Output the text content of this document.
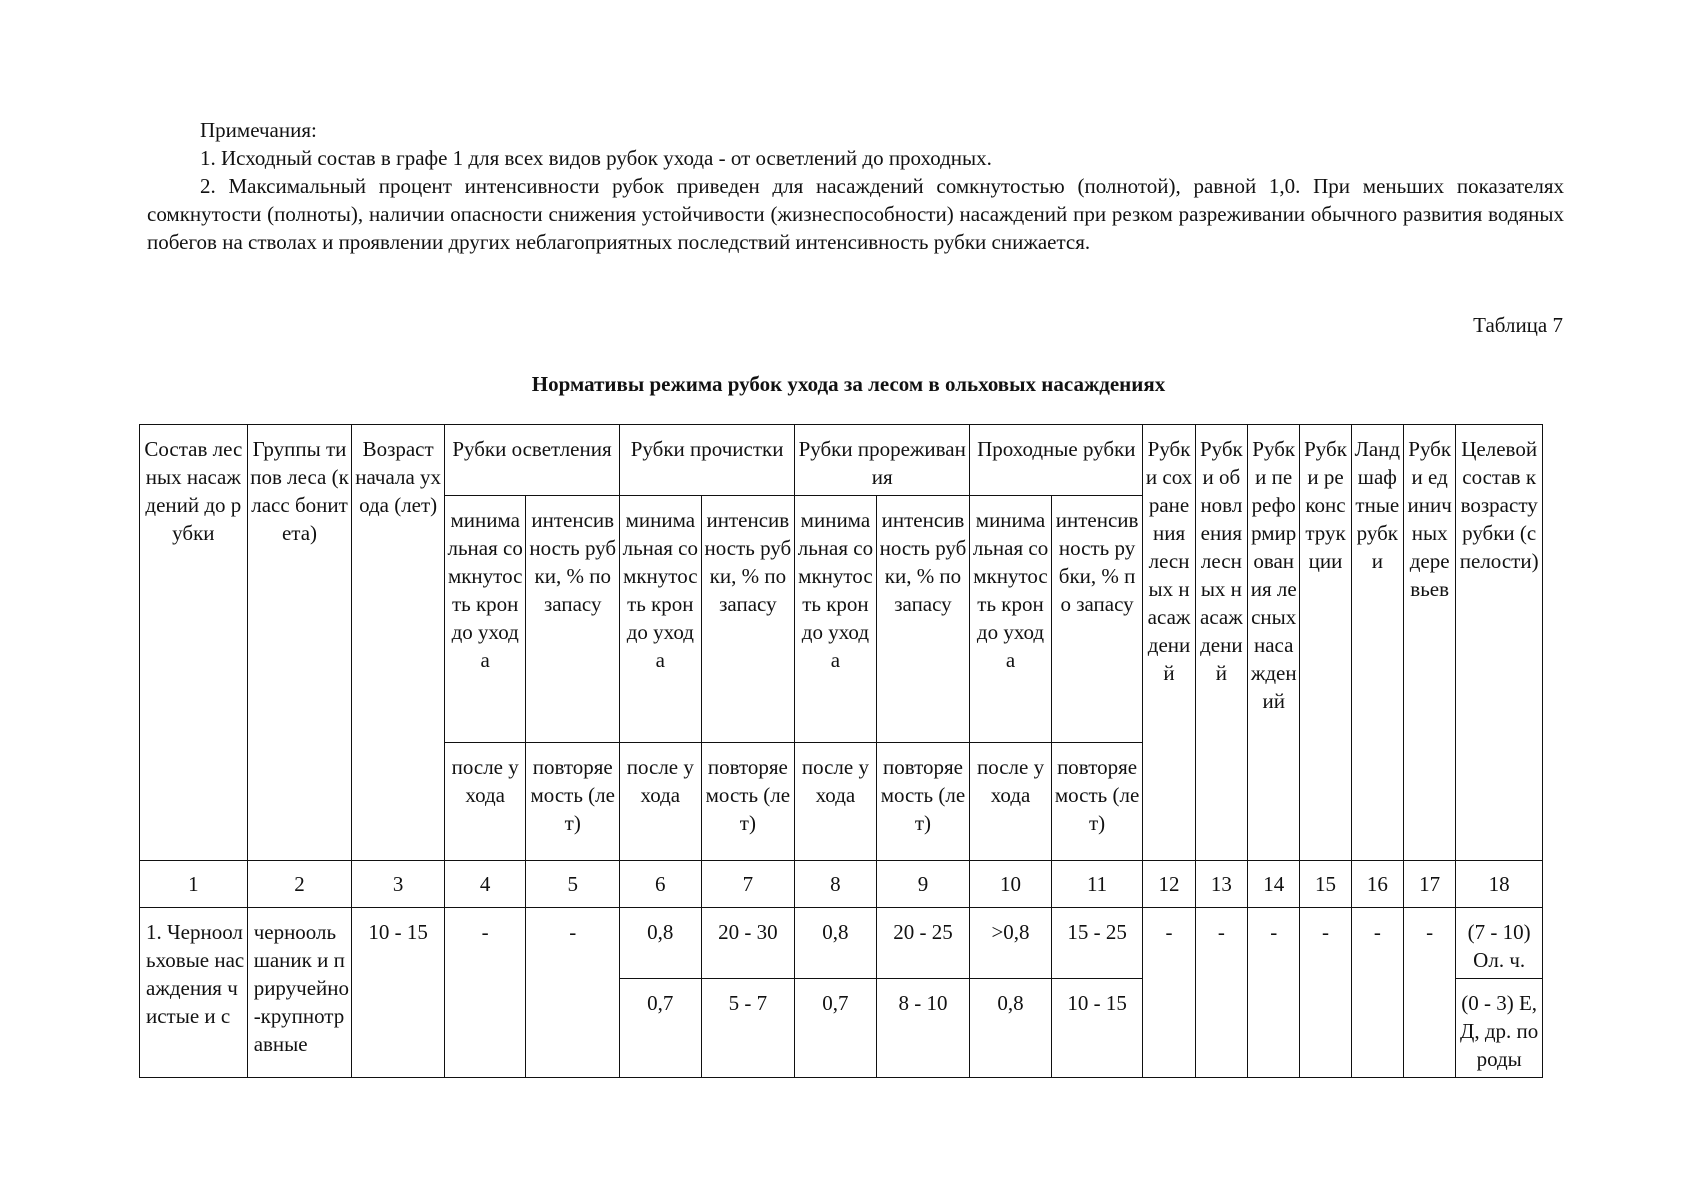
Примечания:

1. Исходный состав в графе 1 для всех видов рубок ухода - от осветлений до проходных.

2. Максимальный процент интенсивности рубок приведен для насаждений сомкнутостью (полнотой), равной 1,0. При меньших показателях сомкнутости (полноты), наличии опасности снижения устойчивости (жизнеспособности) насаждений при резком разреживании обычного развития водяных побегов на стволах и проявлении других неблагоприятных последствий интенсивность рубки снижается.

Таблица 7
Нормативы режима рубок ухода за лесом в ольховых насаждениях
Состав лесных насаждений до рубки	Группы типов леса (класс бонитета)	Возраст начала ухода (лет)	Рубки осветления		Рубки прочистки		Рубки прореживания		Проходные рубки		Рубки сохранения лесных насаждений	Рубки обновления лесных насаждений	Рубки переформирования лесных насаждений	Рубки реконструкции	Ландшафтные рубки	Рубки единичных деревьев	Целевой состав к возрасту рубки (спелости)
			минимальная сомкнутость крон до ухода	интенсивность рубки, % по запасу	минимальная сомкнутость крон до ухода	интенсивность рубки, % по запасу	минимальная сомкнутость крон до ухода	интенсивность рубки, % по запасу	минимальная сомкнутость крон до ухода	интенсивность рубки, % по запасу							
			после ухода	повторяемость (лет)	после ухода	повторяемость (лет)	после ухода	повторяемость (лет)	после ухода	повторяемость (лет)							
1	2	3	4	5	6	7	8	9	10	11	12	13	14	15	16	17	18
1. Черноольховые насаждения чистые и с	черноольшаник и приручейно-крупнотравные	10 - 15	-	-	0,8	20 - 30	0,8	20 - 25	>0,8	15 - 25	-	-	-	-	-	-	(7 - 10) Ол. ч.
					0,7	5 - 7	0,7	8 - 10	0,8	10 - 15							(0 - 3) Е, Д, др. породы
